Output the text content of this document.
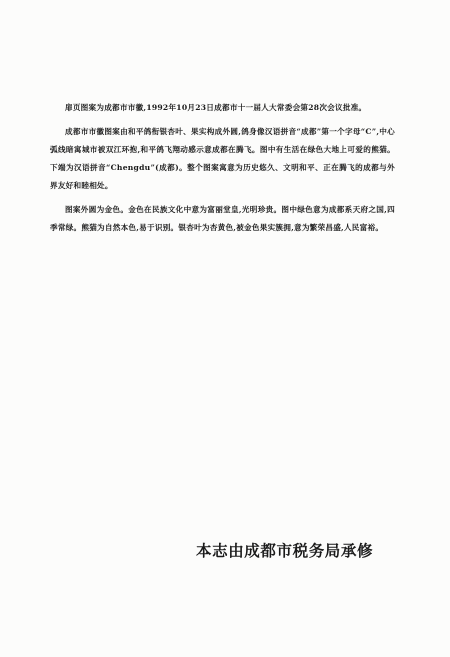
扉页图案为成都市市徽,1992年10月23日成都市十一届人大常委会第28次会议批准。

成都市市徽图案由和平鸽衔银杏叶、果实构成外圆,鸽身像汉语拼音“成都”第一个字母“C”,中心弧线暗寓城市被双江环抱,和平鸽飞翔动感示意成都在腾飞。图中有生活在绿色大地上可爱的熊猫。下端为汉语拼音“Chengdu”(成都)。整个图案寓意为历史悠久、文明和平、正在腾飞的成都与外界友好和睦相处。

图案外圆为金色。金色在民族文化中意为富丽堂皇,光明珍贵。图中绿色意为成都系天府之国,四季常绿。熊猫为自然本色,易于识别。银杏叶为杏黄色,被金色果实簇拥,意为繁荣昌盛,人民富裕。

本志由成都市税务局承修
